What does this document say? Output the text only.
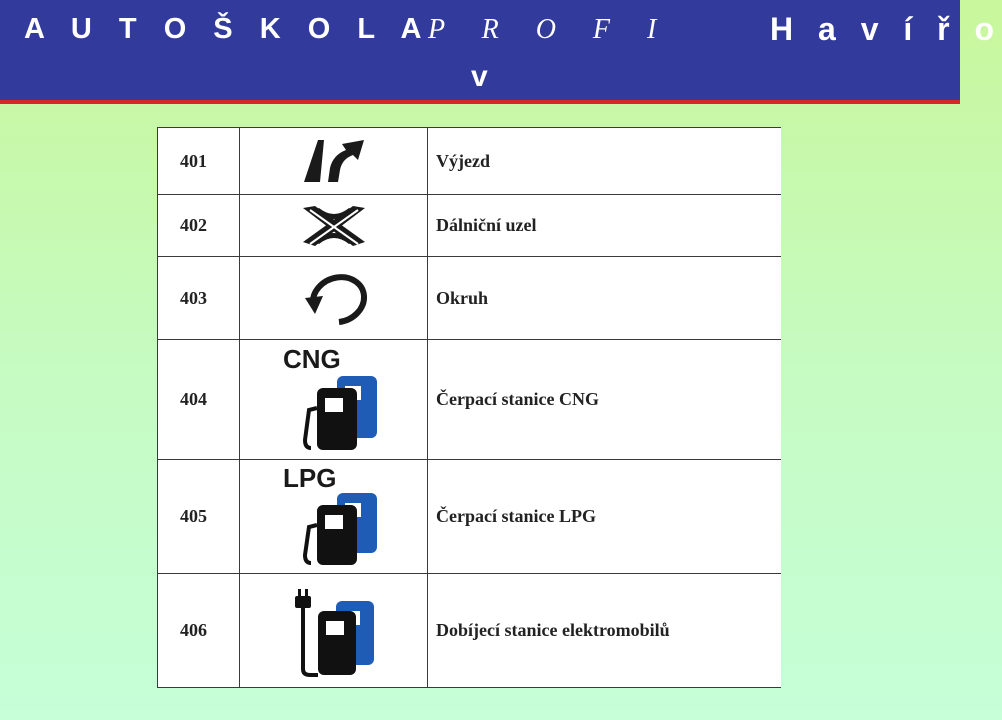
A U T O Š K O L A
P R O F I	H a v í ř o
v
401		Výjezd
402		Dálniční uzel
403		Okruh
404	CNG	Čerpací stanice CNG
405	LPG	Čerpací stanice LPG
406		Dobíjecí stanice elektromobilů
